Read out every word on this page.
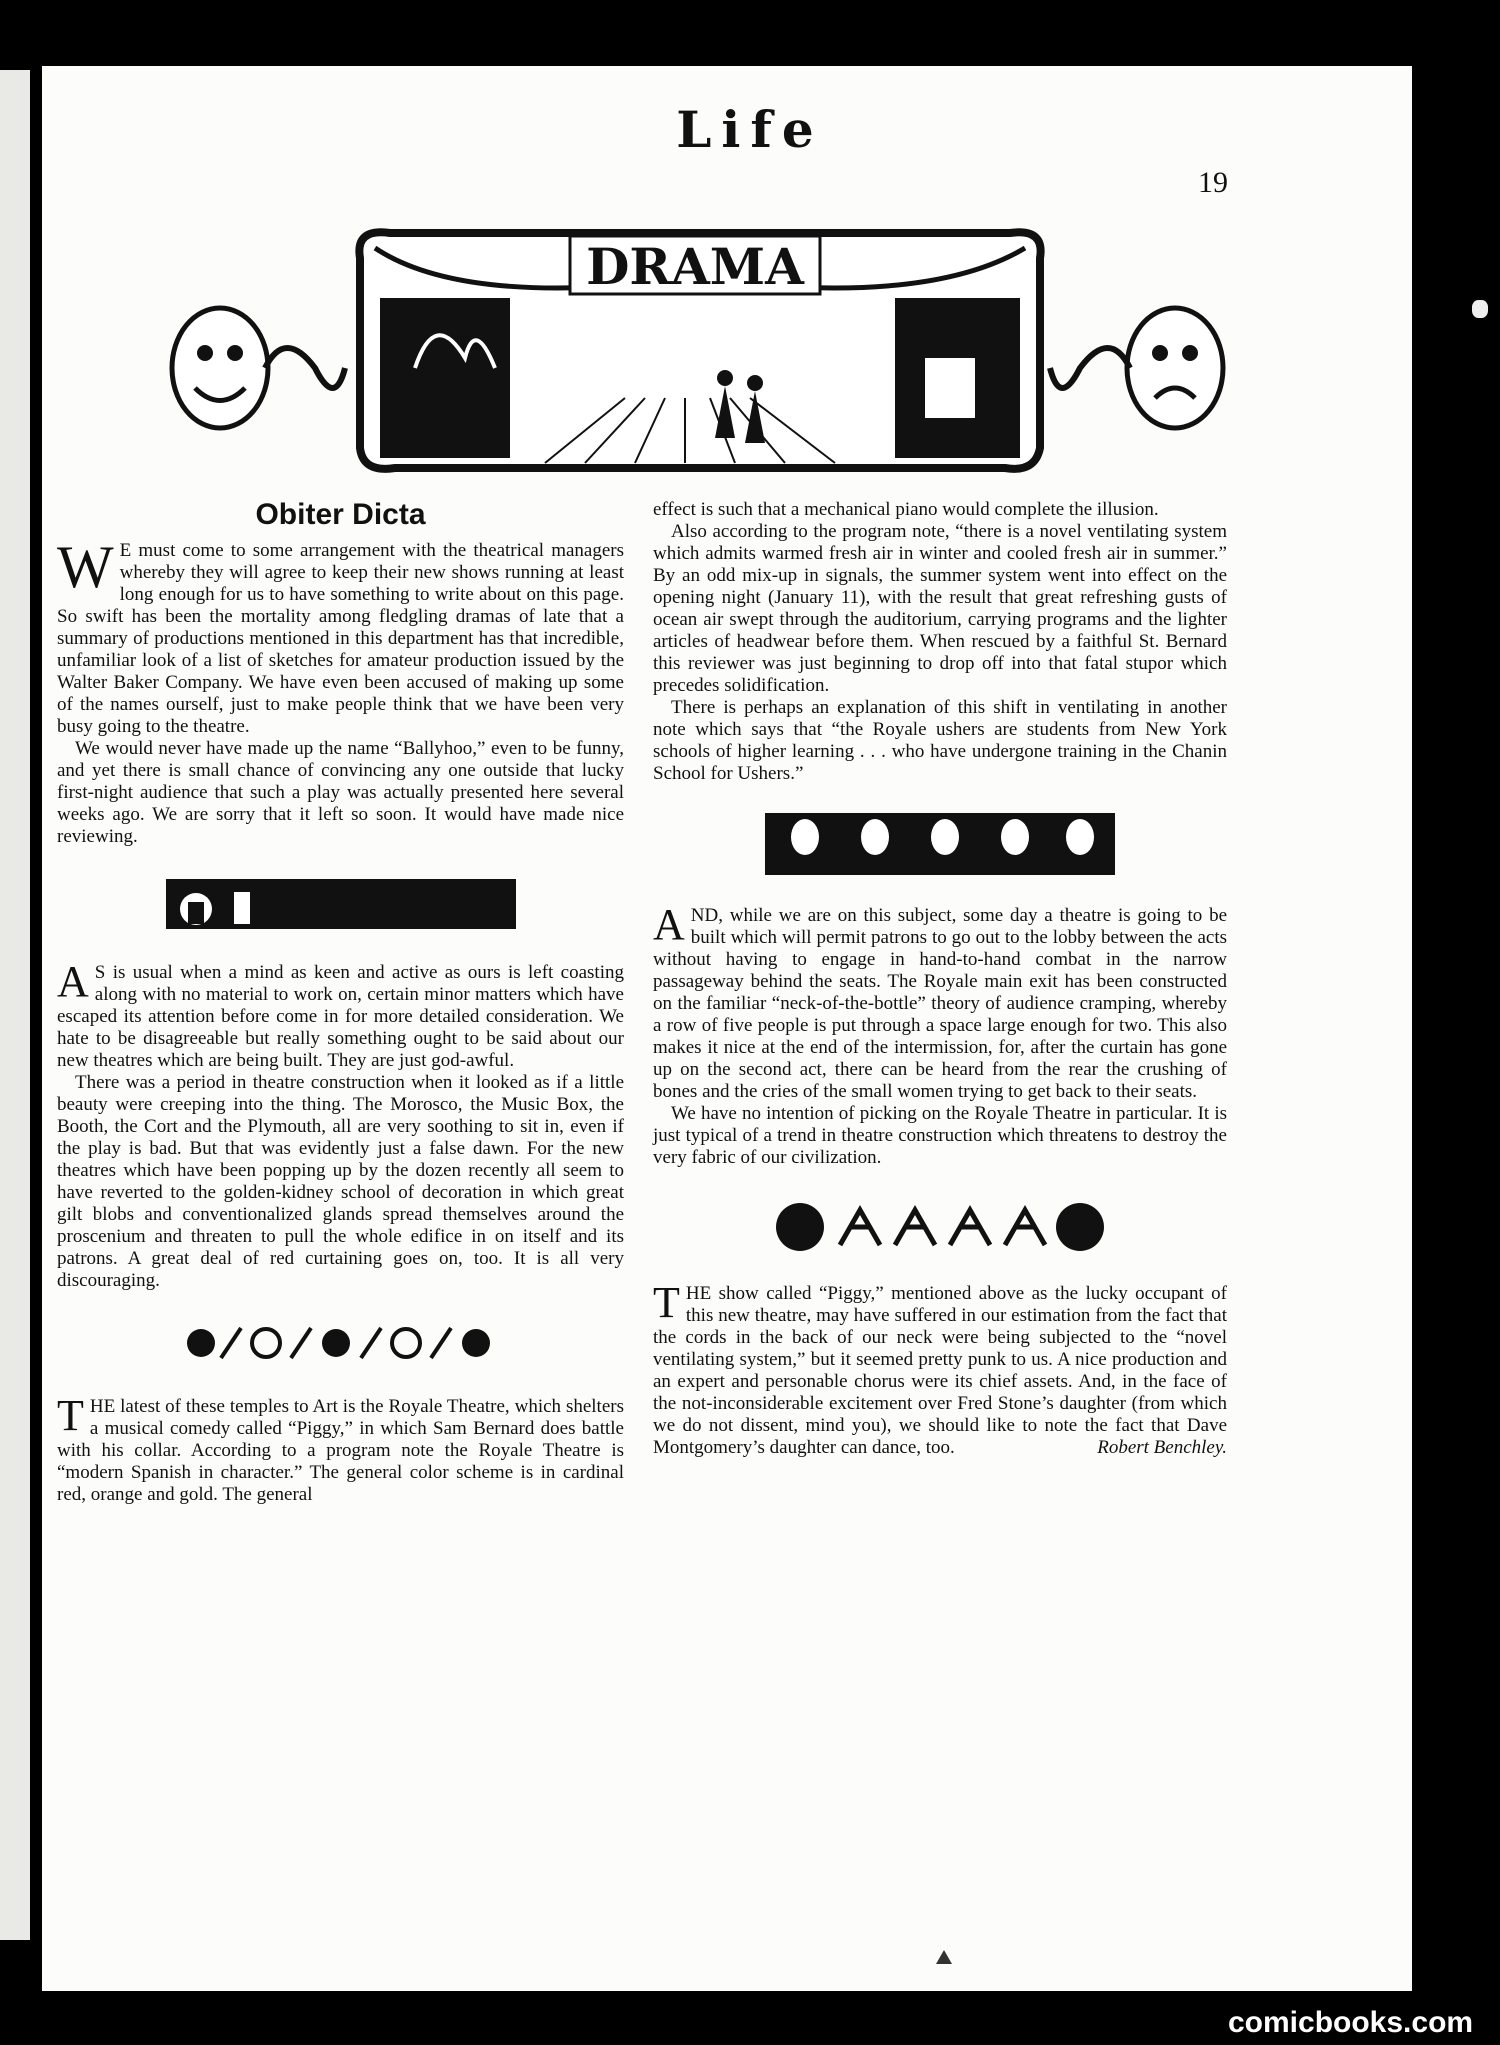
Life
19
DRAMA
Obiter Dicta

W E must come to some arrangement with the theatrical managers whereby they will agree to keep their new shows running at least long enough for us to have something to write about on this page. So swift has been the mortality among fledgling dramas of late that a summary of productions mentioned in this department has that incredible, unfamiliar look of a list of sketches for amateur production issued by the Walter Baker Company. We have even been accused of making up some of the names ourself, just to make people think that we have been very busy going to the theatre.

We would never have made up the name “Ballyhoo,” even to be funny, and yet there is small chance of convincing any one outside that lucky first-night audience that such a play was actually presented here several weeks ago. We are sorry that it left so soon. It would have made nice reviewing.

A S is usual when a mind as keen and active as ours is left coasting along with no material to work on, certain minor matters which have escaped its attention before come in for more detailed consideration. We hate to be disagreeable but really something ought to be said about our new theatres which are being built. They are just god-awful.

There was a period in theatre construction when it looked as if a little beauty were creeping into the thing. The Morosco, the Music Box, the Booth, the Cort and the Plymouth, all are very soothing to sit in, even if the play is bad. But that was evidently just a false dawn. For the new theatres which have been popping up by the dozen recently all seem to have reverted to the golden-kidney school of decoration in which great gilt blobs and conventionalized glands spread themselves around the proscenium and threaten to pull the whole edifice in on itself and its patrons. A great deal of red curtaining goes on, too. It is all very discouraging.

THE latest of these temples to Art is the Royale Theatre, which shelters a musical comedy called “Piggy,” in which Sam Bernard does battle with his collar. According to a program note the Royale Theatre is “modern Spanish in character.” The general color scheme is in cardinal red, orange and gold. The general

effect is such that a mechanical piano would complete the illusion.

Also according to the program note, “there is a novel ventilating system which admits warmed fresh air in winter and cooled fresh air in summer.” By an odd mix-up in signals, the summer system went into effect on the opening night (January 11), with the result that great refreshing gusts of ocean air swept through the auditorium, carrying programs and the lighter articles of headwear before them. When rescued by a faithful St. Bernard this reviewer was just beginning to drop off into that fatal stupor which precedes solidification.

There is perhaps an explanation of this shift in ventilating in another note which says that “the Royale ushers are students from New York schools of higher learning . . . who have undergone training in the Chanin School for Ushers.”

AND, while we are on this subject, some day a theatre is going to be built which will permit patrons to go out to the lobby between the acts without having to engage in hand-to-hand combat in the narrow passageway behind the seats. The Royale main exit has been constructed on the familiar “neck-of-the-bottle” theory of audience cramping, whereby a row of five people is put through a space large enough for two. This also makes it nice at the end of the intermission, for, after the curtain has gone up on the second act, there can be heard from the rear the crushing of bones and the cries of the small women trying to get back to their seats.

We have no intention of picking on the Royale Theatre in particular. It is just typical of a trend in theatre construction which threatens to destroy the very fabric of our civilization.

THE show called “Piggy,” mentioned above as the lucky occupant of this new theatre, may have suffered in our estimation from the fact that the cords in the back of our neck were being subjected to the “novel ventilating system,” but it seemed pretty punk to us. A nice production and an expert and personable chorus were its chief assets. And, in the face of the not-inconsiderable excitement over Fred Stone’s daughter (from which we do not dissent, mind you), we should like to note the fact that Dave Montgomery’s daughter can dance, too.	Robert Benchley.

comicbooks.com
